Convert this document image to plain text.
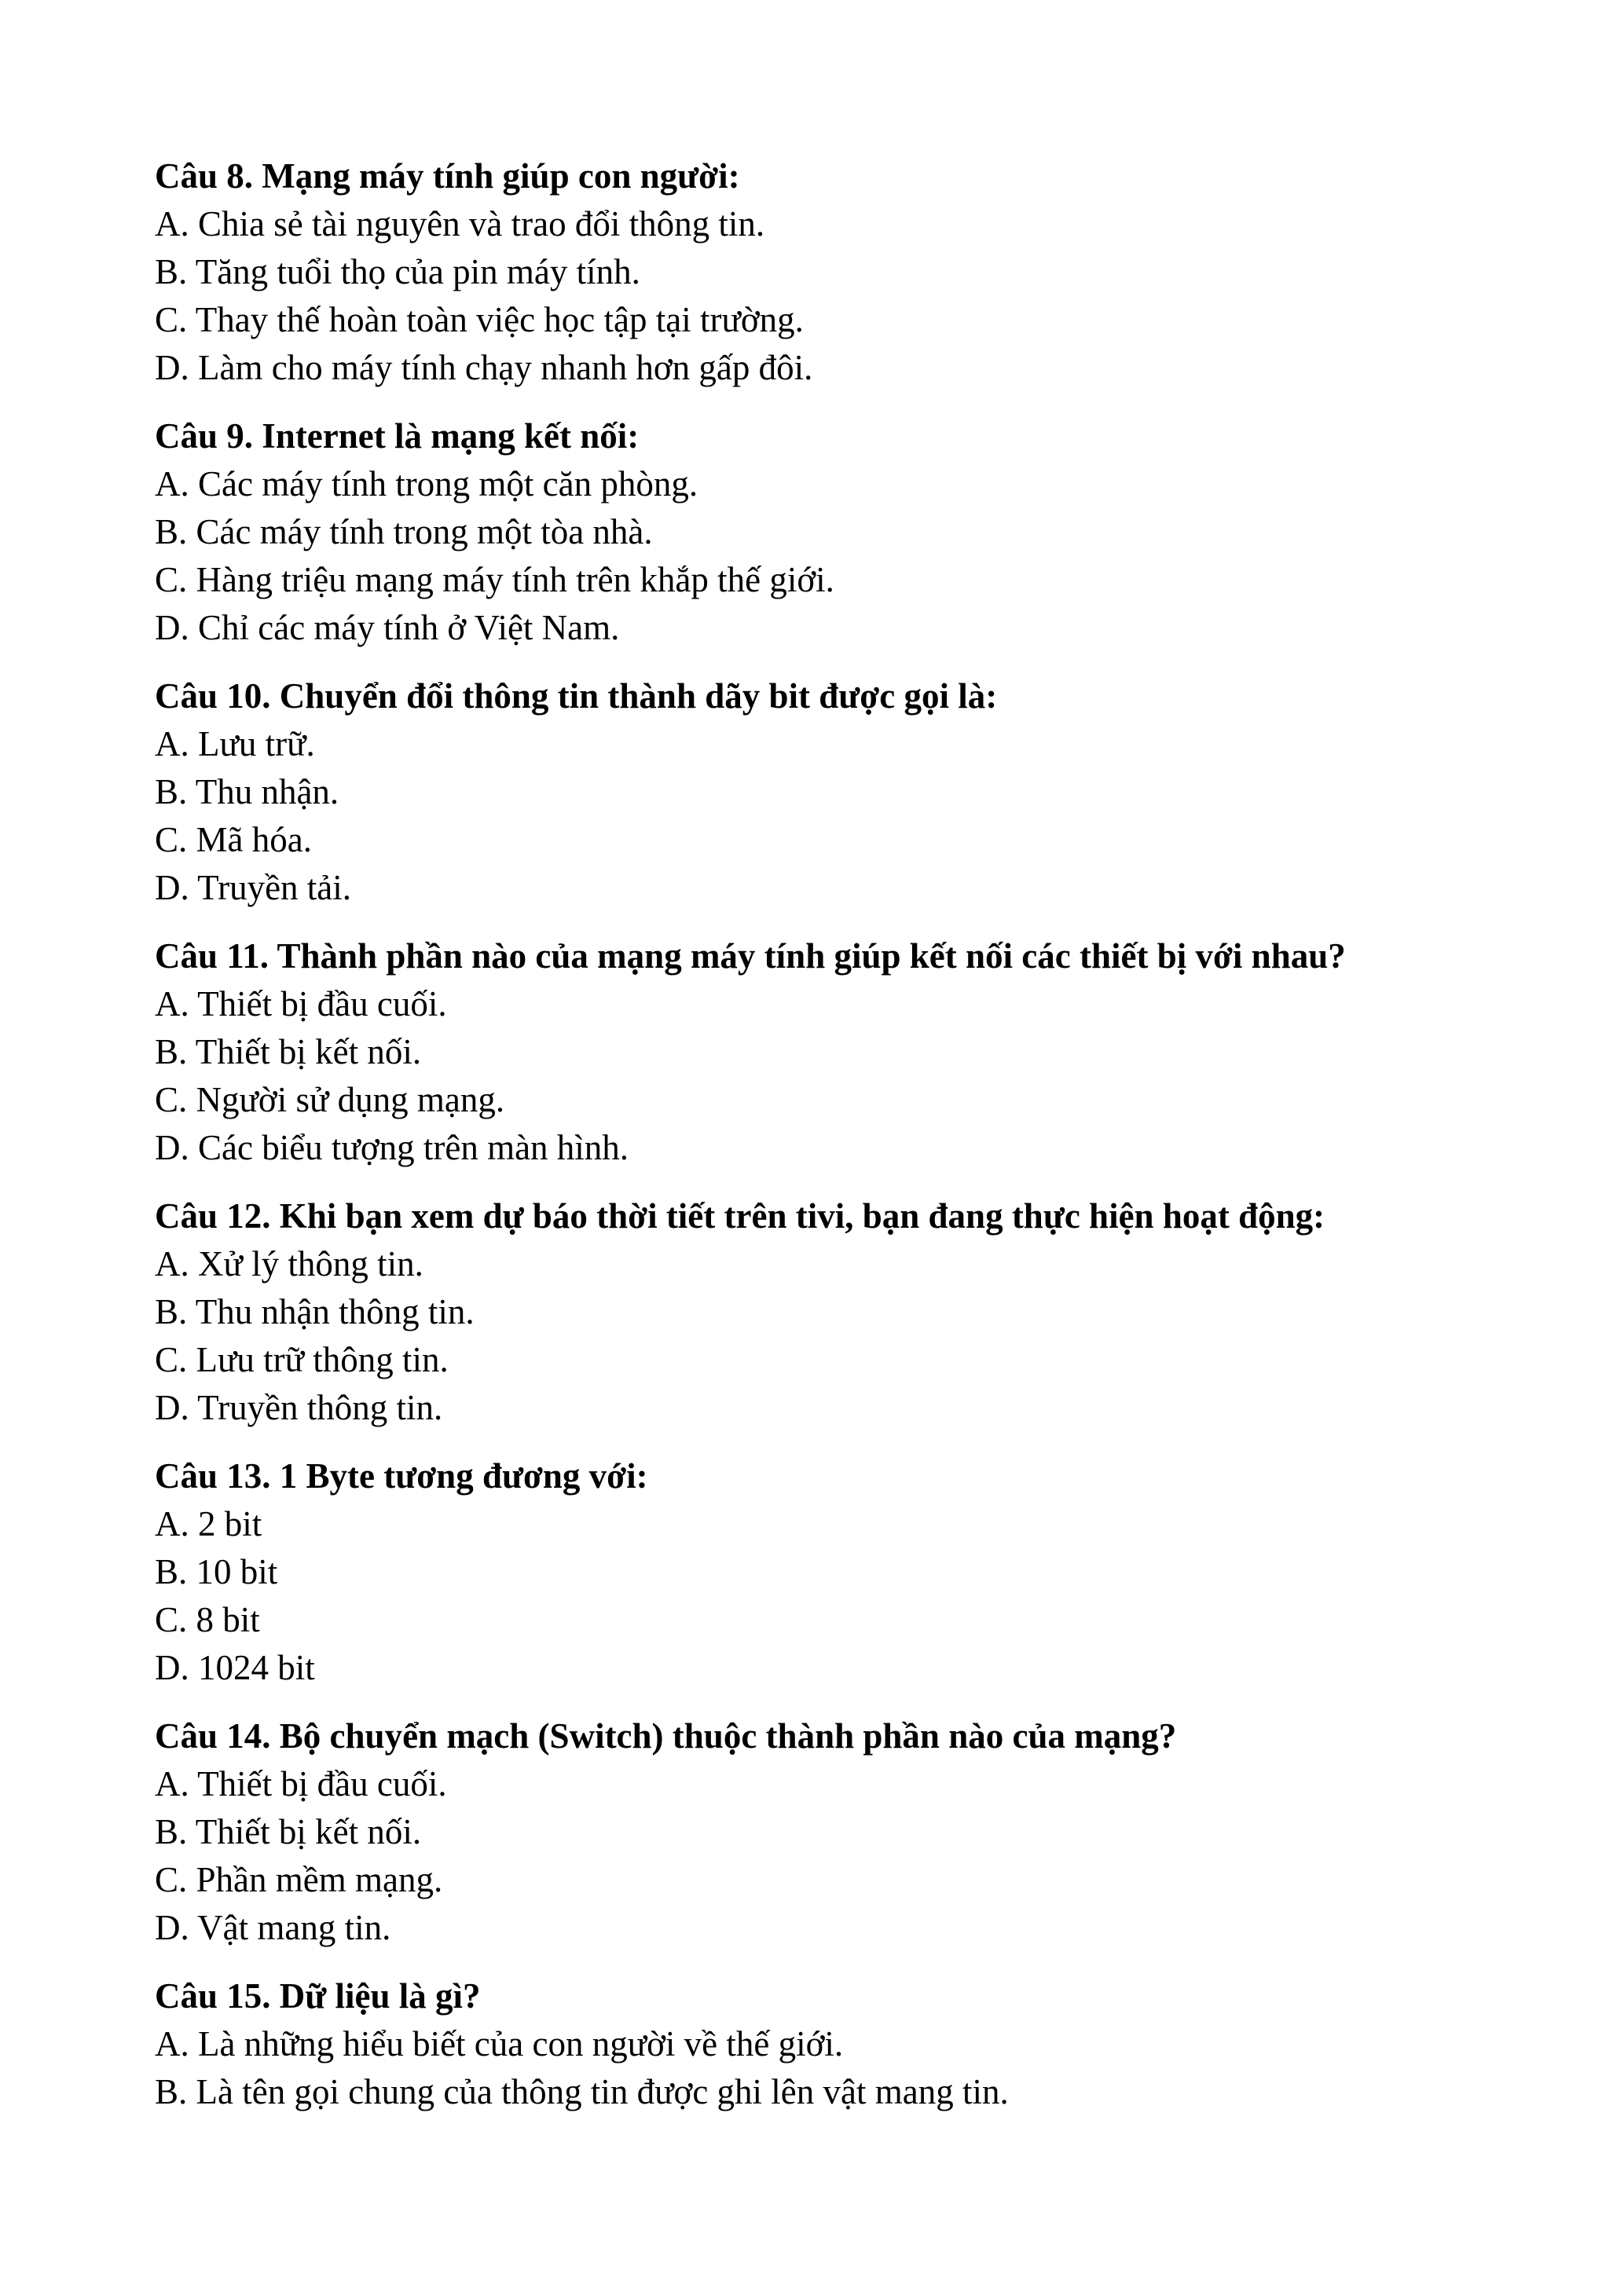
Câu 8. Mạng máy tính giúp con người:

A. Chia sẻ tài nguyên và trao đổi thông tin.

B. Tăng tuổi thọ của pin máy tính.

C. Thay thế hoàn toàn việc học tập tại trường.

D. Làm cho máy tính chạy nhanh hơn gấp đôi.

Câu 9. Internet là mạng kết nối:

A. Các máy tính trong một căn phòng.

B. Các máy tính trong một tòa nhà.

C. Hàng triệu mạng máy tính trên khắp thế giới.

D. Chỉ các máy tính ở Việt Nam.

Câu 10. Chuyển đổi thông tin thành dãy bit được gọi là:

A. Lưu trữ.

B. Thu nhận.

C. Mã hóa.

D. Truyền tải.

Câu 11. Thành phần nào của mạng máy tính giúp kết nối các thiết bị với nhau?

A. Thiết bị đầu cuối.

B. Thiết bị kết nối.

C. Người sử dụng mạng.

D. Các biểu tượng trên màn hình.

Câu 12. Khi bạn xem dự báo thời tiết trên tivi, bạn đang thực hiện hoạt động:

A. Xử lý thông tin.

B. Thu nhận thông tin.

C. Lưu trữ thông tin.

D. Truyền thông tin.

Câu 13. 1 Byte tương đương với:

A. 2 bit

B. 10 bit

C. 8 bit

D. 1024 bit

Câu 14. Bộ chuyển mạch (Switch) thuộc thành phần nào của mạng?

A. Thiết bị đầu cuối.

B. Thiết bị kết nối.

C. Phần mềm mạng.

D. Vật mang tin.

Câu 15. Dữ liệu là gì?

A. Là những hiểu biết của con người về thế giới.

B. Là tên gọi chung của thông tin được ghi lên vật mang tin.
